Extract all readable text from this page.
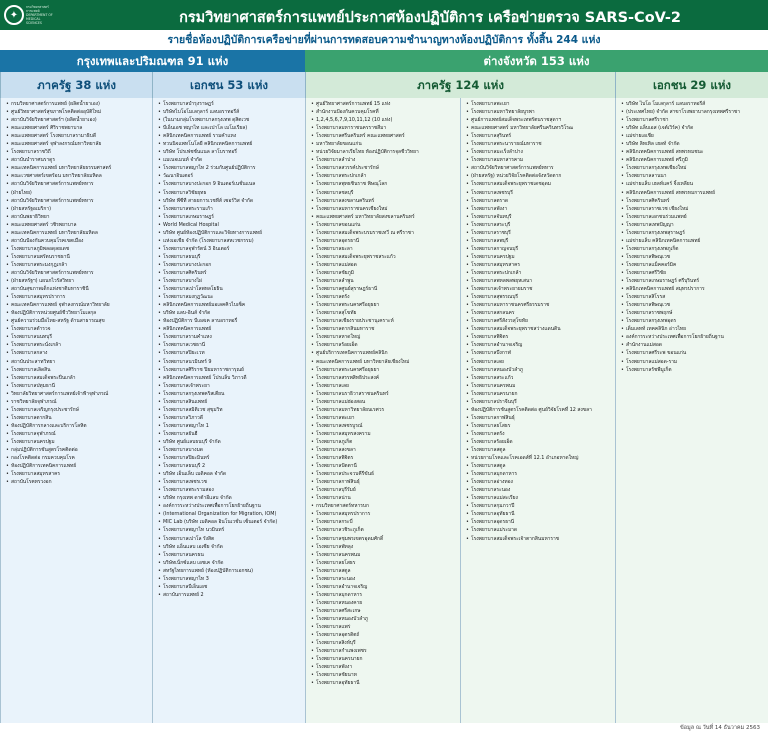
✦
กรมวิทยาศาสตร์การแพทย์ DEPARTMENT OF MEDICAL SCIENCES	กรมวิทยาศาสตร์การแพทย์ประกาศห้องปฏิบัติการ เครือข่ายตรวจ SARS-CoV-2
รายชื่อห้องปฏิบัติการเครือข่ายที่ผ่านการทดสอบความชำนาญทางห้องปฏิบัติการ ทั้งสิ้น 244 แห่ง
กรุงเทพและปริมณฑล 91 แห่ง	ต่างจังหวัด 153 แห่ง
ภาครัฐ 38 แห่ง	เอกชน 53 แห่ง	ภาครัฐ 124 แห่ง	เอกชน 29 แห่ง
• กรมวิทยาศาสตร์การแพทย์ (ผลิตน้ำยาเอง)
• ศูนย์วิทยาศาสตร์สุขภาพโรคติดต่ออุบัติใหม่
• สถาบันวิจัยวิทยาศาสตร์ฯ (ผลิตน้ำยาเอง)
• คณะแพทยศาสตร์ ศิริราชพยาบาล
• คณะแพทยศาสตร์ โรงพยาบาลรามาธิบดี
• คณะแพทยศาสตร์ จุฬาลงกรณ์มหาวิทยาลัย
• โรงพยาบาลราชวิถี
• สถาบันบำราศนราดูร
• คณะเทคนิคการแพทย์ มหาวิทยาลัยธรรมศาสตร์
• คณะเวชศาสตร์เขตร้อน มหาวิทยาลัยมหิดล
• สถาบันวิจัยวิทยาศาสตร์การแพทย์ทหาร
• (ฝ่ายไทย)
• สถาบันวิจัยวิทยาศาสตร์การแพทย์ทหาร
• (ฝ่ายสหรัฐอเมริกา)
• สถาบันพยาธิวิทยา
• คณะแพทยศาสตร์ วชิรพยาบาล
• คณะเทคนิคการแพทย์ มหาวิทยาลัยมหิดล
• สถาบันป้องกันควบคุมโรคเขตเมือง
• โรงพยาบาลภูมิพลอดุลยเดช
• โรงพยาบาลนพรัตนราชธานี
• โรงพยาบาลพระมงกุฎเกล้า
• สถาบันวิจัยวิทยาศาสตร์การแพทย์ทหาร
• (ฝ่ายสหรัฐฯ) แผนกไวรัสวิทยา
• สถาบันสุขภาพเด็กแห่งชาติมหาราชินี
• โรงพยาบาลสมุทรปราการ
• คณะเทคนิคการแพทย์ จุฬาลงกรณ์มหาวิทยาลัย
• ห้องปฏิบัติการหน่วยศูนย์ชีววิทยาโมเลกุล
• ศูนย์ความร่วมมือไทย-สหรัฐ ด้านสาธารณสุข
• โรงพยาบาลตำรวจ
• โรงพยาบาลนนทบุรี
• โรงพยาบาลพระนั่งเกล้า
• โรงพยาบาลกลาง
• สถาบันประสาทวิทยา
• โรงพยาบาลเลิดสิน
• โรงพยาบาลสมเด็จพระปิ่นเกล้า
• โรงพยาบาลปทุมธานี
• วิทยาลัยวิทยาศาสตร์การแพทย์เจ้าฟ้าจุฬาภรณ์
• ราชวิทยาลัยจุฬาภรณ์
• โรงพยาบาลเจริญกรุงประชารักษ์
• โรงพยาบาลตากสิน
• ห้องปฏิบัติการกลางและบริการโลหิต
• โรงพยาบาลจุฬาภรณ์
• โรงพยาบาลนครปฐม
• กลุ่มปฏิบัติการชันสูตรโรคติดต่อ
• กองโรคติดต่อ กรมควบคุมโรค
• ห้องปฏิบัติการเทคนิคการแพทย์
• โรงพยาบาลสมุทรสาคร
• สถาบันโรคทรวงอก
• โรงพยาบาลบำรุงราษฎร์
• บริษัทไบโอโมเลกุลาร์ แลบอราทอรีส์
• (ในนามกลุ่มโรงพยาบาลกรุงเทพ ดุสิตเวช
• บีเอ็นเอช พญาไท และเปาโล เมโมเรียล)
• คลินิกเทคนิคการแพทย์ รามคำแหง
• ทวนนิจแพทโนโลยี คลินิกเทคนิคการแพทย์
• บริษัท โปรเฟชชั่นแนล ลาโบราทอรี่
• แมเนจเมนท์ จำกัด
• โรงพยาบาลพญาไท 2 ร่วมกับศูนย์ปฏิบัติการ
• วัฒนาอินเตอร์
• โรงพยาบาลบางปะกอก 9 อินเตอร์เนชั่นแนล
• โรงพยาบาลวิชัยยุทธ
• บริษัท พีซีที สาธยการเวชทีส์ เซอร์วิส จำกัด
• โรงพยาบาลพระรามเก้า
• โรงพยาบาลเกษมราษฎร์
• World Medical Hospital
• บริษัท ศูนย์ห้องปฏิบัติการและวิจัยทางการแพทย์
• แห่งเอเชีย จำกัด (โรงพยาบาลสหเวชกรรม)
• โรงพยาบาลจุฬารัตน์ 3 อินเตอร์
• โรงพยาบาลธนบุรี
• โรงพยาบาลบางปะกอก
• โรงพยาบาลศิครินทร์
• โรงพยาบาลบางไผ่
• โรงพยาบาลเปาโลพหลโยธิน
• โรงพยาบาลมงกุฎวัฒนะ
• คลินิกเทคนิคการแพทย์มอเลคคิวไบเซ็ค
• บริษัท แลบ-อินส์ จำกัด
• ห้องปฏิบัติการ บีเอสเค ลาบอราทอรี่
• คลินิกเทคนิคการแพทย์
• โรงพยาบาลรามคำแหง
• โรงพยาบาลเวชธานี
• โรงพยาบาลปิยะเวท
• โรงพยาบาลนวมินทร์ 9
• โรงพยาบาลศิริราช ปิยมหาราชการุณย์
• คลินิกเทคนิคการแพทย์ โปรแล็บ วิภาวดี
• โรงพยาบาลเจ้าพระยา
• โรงพยาบาลกรุงเทพคริสเตียน
• โรงพยาบาลสินแพทย์
• โรงพยาบาลสมิติเวช สุขุมวิท
• โรงพยาบาลวิภาวดี
• โรงพยาบาลพญาไท 1
• โรงพยาบาลยันฮี
• บริษัท ศูนย์แลบธนบุรี จำกัด
• โรงพยาบาลบางมด
• โรงพยาบาลปิยะมินทร์
• โรงพยาบาลธนบุรี 2
• บริษัท เอ็นแล็บ เมดิคอล จำกัด
• โรงพยาบาลเพชรเวช
• โรงพยาบาลพระรามสอง
• บริษัท กรุงเทพ ดาต้าอีแลบ จำกัด
• องค์การระหว่างประเทศเพื่อการโยกย้ายถิ่นฐาน
• (International Organization for Migration, IOM)
• MIC Lab (บริษัท เมดิคอล อินโนเวชั่น เซ็นเตอร์ จำกัด)
• โรงพยาบาลพญาไท นวมินทร์
• โรงพยาบาลเปาโล รังสิต
• บริษัท แอ็นแลบ เอเซีย จำกัด
• โรงพยาบาลนครธน
• บริษัทเน็กซ์แลบ เอชเค จำกัด
• สหรัฐไทยการแพทย์ (ห้องปฏิบัติการเอกชน)
• โรงพยาบาลพญาไท 3
• โรงพยาบาลบีเอ็นเอช
• สถาบันการแพทย์ 2
• ศูนย์วิทยาศาสตร์การแพทย์ 15 แห่ง
• สำนักงานป้องกันควบคุมโรคที่
• 1,2,4,5,6,7,9,10,11,12 (10 แห่ง)
• โรงพยาบาลมหาราชนครราชสีมา
• โรงพยาบาลศรีนครินทร์ คณะแพทยศาสตร์
• มหาวิทยาลัยขอนแก่น
• หน่วยวิจัยมาลาเรียไทย ห้องปฏิบัติการจุลชีววิทยา
• โรงพยาบาลลำปาง
• โรงพยาบาลสวรรค์ประชารักษ์
• โรงพยาบาลพระปกเกล้า
• โรงพยาบาลพุทธชินราช พิษณุโลก
• โรงพยาบาลชลบุรี
• โรงพยาบาลสงขลานครินทร์
• โรงพยาบาลมหาราชนครเชียงใหม่
• คณะแพทยศาสตร์ มหาวิทยาลัยสงขลานครินทร์
• โรงพยาบาลขอนแก่น
• โรงพยาบาลสมเด็จพระบรมราชเทวี ณ ศรีราชา
• โรงพยาบาลอุดรธานี
• โรงพยาบาลยะลา
• โรงพยาบาลสมเด็จพระยุพราชสระแก้ว
• โรงพยาบาลแม่สอด
• โรงพยาบาลชัยภูมิ
• โรงพยาบาลลำพูน
• โรงพยาบาลศูนย์สุราษฎร์ธานี
• โรงพยาบาลตรัง
• โรงพยาบาลพระนครศรีอยุธยา
• โรงพยาบาลสุโขทัย
• โรงพยาบาลเชียงรายประชานุเคราะห์
• โรงพยาบาลตากสินมหาราช
• โรงพยาบาลหาดใหญ่
• โรงพยาบาลร้อยเอ็ด
• ศูนย์บริการเทคนิคการแพทย์คลินิก
• คณะเทคนิคการแพทย์ มหาวิทยาลัยเชียงใหม่
• โรงพยาบาลพระนครศรีอยุธยา
• โรงพยาบาลสรรพสิทธิประสงค์
• โรงพยาบาลเลย
• โรงพยาบาลนราธิวาสราชนครินทร์
• โรงพยาบาลแม่ฮ่องสอน
• โรงพยาบาลมหาวิทยาลัยนเรศวร
• โรงพยาบาลพะเยา
• โรงพยาบาลเพชรบูรณ์
• โรงพยาบาลสมุทรสงคราม
• โรงพยาบาลภูเก็ต
• โรงพยาบาลสงขลา
• โรงพยาบาลพิจิตร
• โรงพยาบาลปัตตานี
• โรงพยาบาลประจวบคีรีขันธ์
• โรงพยาบาลกาฬสินธุ์
• โรงพยาบาลบุรีรัมย์
• โรงพยาบาลน่าน
• กรมวิทยาศาสตร์ทหารบก
• โรงพยาบาลสมุทรปราการ
• โรงพยาบาลกระบี่
• โรงพยาบาลวชิระภูเก็ต
• โรงพยาบาลชุมพรเขตรอุดมศักดิ์
• โรงพยาบาลพัทลุง
• โรงพยาบาลนครพนม
• โรงพยาบาลยโสธร
• โรงพยาบาลสตูล
• โรงพยาบาลระนอง
• โรงพยาบาลอำนาจเจริญ
• โรงพยาบาลมุกดาหาร
• โรงพยาบาลหนองคาย
• โรงพยาบาลศรีสะเกษ
• โรงพยาบาลหนองบัวลำภู
• โรงพยาบาลแพร่
• โรงพยาบาลอุตรดิตถ์
• โรงพยาบาลสิงห์บุรี
• โรงพยาบาลกำแพงเพชร
• โรงพยาบาลนครนายก
• โรงพยาบาลพังงา
• โรงพยาบาลชัยนาท
• โรงพยาบาลอุทัยธานี
• โรงพยาบาลพะเยา
• โรงพยาบาลมหาวิทยาลัยบูรพา
• ศูนย์การแพทย์สมเด็จพระเทพรัตนราชสุดาฯ
• คณะแพทยศาสตร์ มหาวิทยาลัยศรีนครินทรวิโรฒ
• โรงพยาบาลสุรินทร์
• โรงพยาบาลพระนารายณ์มหาราช
• โรงพยาบาลมะเร็งลำปาง
• โรงพยาบาลมหาสารคาม
• สถาบันวิจัยวิทยาศาสตร์การแพทย์ทหาร
• (ฝ่ายสหรัฐ) หน่วยวิจัยโรคติดต่อจังหวัดตาก
• โรงพยาบาลสมเด็จพระยุพราชเดชอุดม
• โรงพยาบาลเพชรบุรี
• โรงพยาบาลตราด
• โรงพยาบาลพังงา
• โรงพยาบาลจันทบุรี
• โรงพยาบาลสระบุรี
• โรงพยาบาลราชบุรี
• โรงพยาบาลลพบุรี
• โรงพยาบาลกาญจนบุรี
• โรงพยาบาลนครปฐม
• โรงพยาบาลสมุทรสาคร
• โรงพยาบาลพระปกเกล้า
• โรงพยาบาลพหลพลพยุหเสนา
• โรงพยาบาลเจ้าพระยายมราช
• โรงพยาบาลสุพรรณบุรี
• โรงพยาบาลมหาราชนครศรีธรรมราช
• โรงพยาบาลสกลนคร
• โรงพยาบาลศรีสังวรสุโขทัย
• โรงพยาบาลสมเด็จพระยุพราชสว่างแดนดิน
• โรงพยาบาลพิจิตร
• โรงพยาบาลอำนาจเจริญ
• โรงพยาบาลบึงกาฬ
• โรงพยาบาลเลย
• โรงพยาบาลหนองบัวลำภู
• โรงพยาบาลสระแก้ว
• โรงพยาบาลนครพนม
• โรงพยาบาลนครนายก
• โรงพยาบาลปราจีนบุรี
• ห้องปฏิบัติการชันสูตรโรคติดต่อ ศูนย์วิจัยโรคที่ 12 สงขลา
• โรงพยาบาลกาฬสินธุ์
• โรงพยาบาลยโสธร
• โรงพยาบาลตรัง
• โรงพยาบาลร้อยเอ็ด
• โรงพยาบาลสตูล
• หน่วยกามโรคและโรคเอดส์ที่ 12.1 อำเภอหาดใหญ่
• โรงพยาบาลสตูล
• โรงพยาบาลมุกดาหาร
• โรงพยาบาลอ่างทอง
• โรงพยาบาลระนอง
• โรงพยาบาลแม่สะเรียง
• โรงพยาบาลกุมภวาปี
• โรงพยาบาลอุทัยธานี
• โรงพยาบาลอุดรธานี
• โรงพยาบาลแม่ระมาด
• โรงพยาบาลสมเด็จพระเจ้าตากสินมหาราช
• บริษัท ไบโอ โมเลกุลาร์ แลบอราทอรีส์
• (ประเทศไทย) จำกัด สาขาโรงพยาบาลกรุงเทพศรีราชา
• โรงพยาบาลศรีราชา
• บริษัท แล็บเอส (เจต์เวิร์ค) จำกัด
• แม่ข่ายเอเชีย
• บริษัท ลิทเทิล เฮลท์ จำกัด
• คลินิกเทคนิคการแพทย์ สหพรหมชนะ
• คลินิกเทคนิคการแพทย์ ศรีภูมิ
• โรงพยาบาลกรุงเทพเชียงใหม่
• โรงพยาบาลลานนา
• แม่ข่ายแล็บ เฮลท์แคร์ จิ้งเหลียน
• คลินิกเทคนิคการแพทย์ สหพรหมการแพทย์
• โรงพยาบาลศิครินทร์
• โรงพยาบาลราชเวช เชียงใหม่
• โรงพยาบาลเอกชนร่วมแพทย์
• โรงพยาบาลเทพปัญญา
• โรงพยาบาลกรุงเทพสุราษฎร์
• แม่ข่ายแล็บ คลินิกเทคนิคการแพทย์
• โรงพยาบาลกรุงเทพภูเก็ต
• โรงพยาบาลพิษณุเวช
• โรงพยาบาลแม็คคอร์มิค
• โรงพยาบาลศรีวิชัย
• โรงพยาบาลเกษมราษฎร์ ศรีบุรินทร์
• คลินิกเทคนิคการแพทย์ สมุทรปราการ
• โรงพยาบาลสิโรรส
• โรงพยาบาลพิษณุเวช
• โรงพยาบาลราชพฤกษ์
• โรงพยาบาลกรุงเทพอุดร
• เด็มเลทท์ เทคคลินิก อ่าวไทย
• องค์การระหว่างประเทศเพื่อการโยกย้ายถิ่นฐาน
• สำนักงานแม่สอด
• โรงพยาบาลศรีระพ ขอนแก่น
• โรงพยาบาลแม่สอด-ราม
• โรงพยาบาลรัชพีมูเก็ต
ข้อมูล ณ วันที่ 14 ธันวาคม 2563
